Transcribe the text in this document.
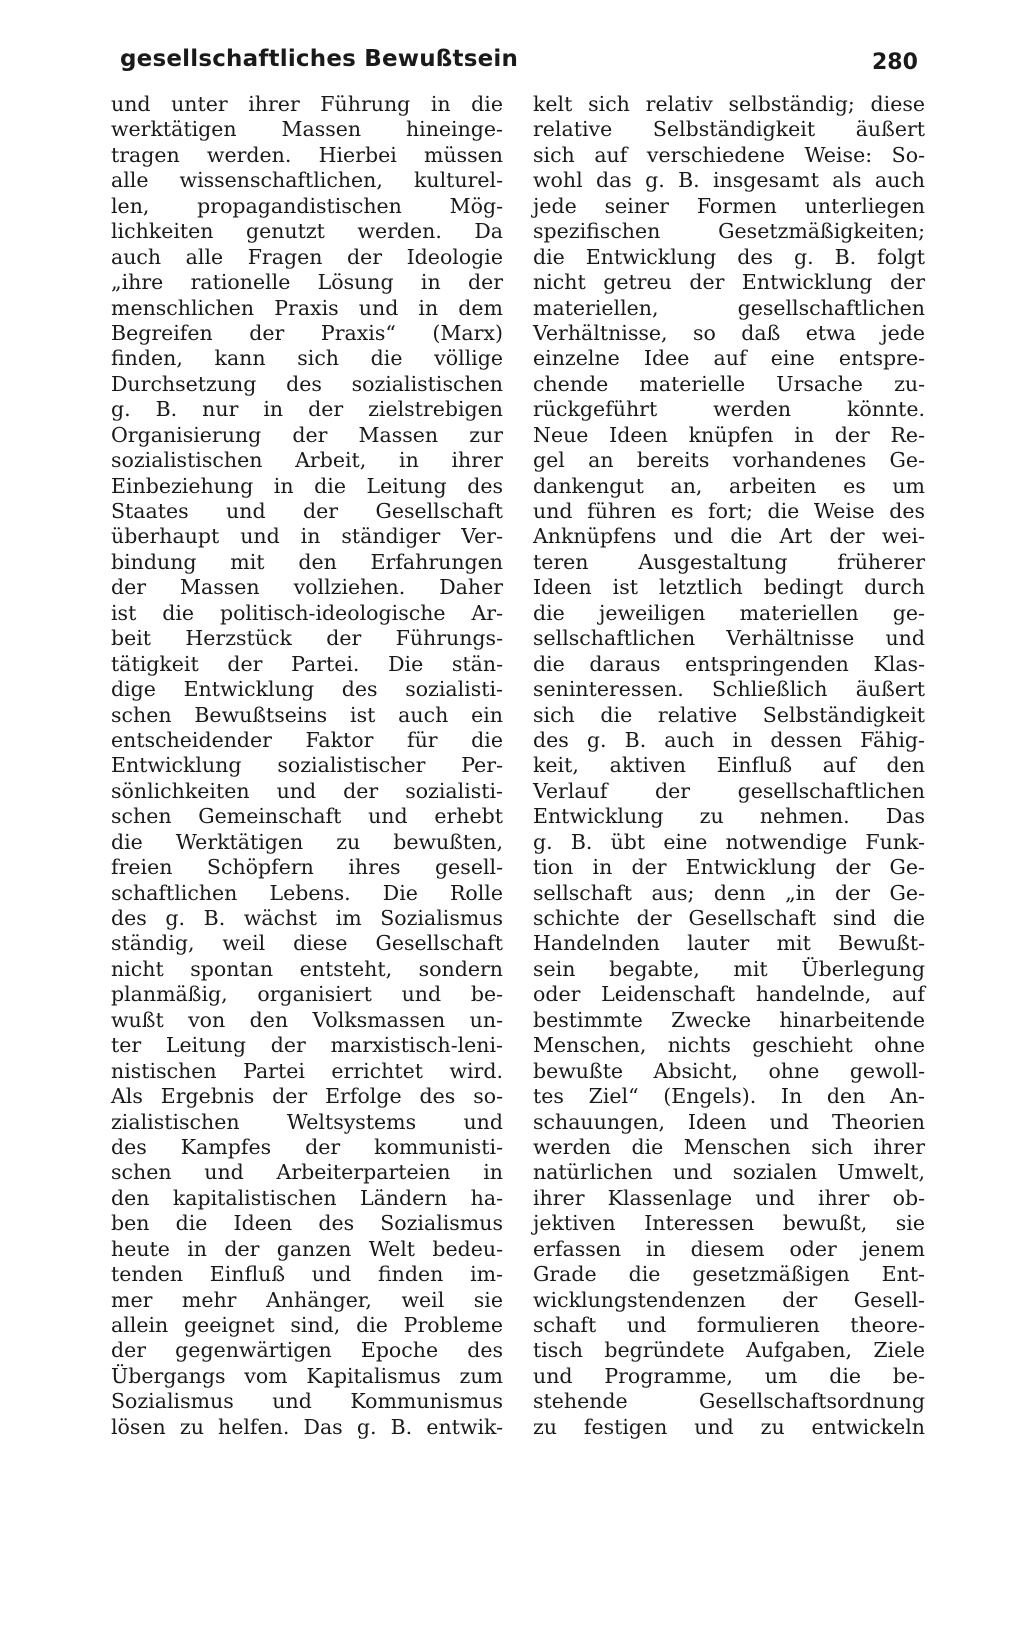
gesellschaftliches Bewußtsein	280
und unter ihrer Führung in die
werktätigen Massen hineinge-
tragen werden. Hierbei müssen
alle wissenschaftlichen, kulturel-
len, propagandistischen Mög-
lichkeiten genutzt werden. Da
auch alle Fragen der Ideologie
„ihre rationelle Lösung in der
menschlichen Praxis und in dem
Begreifen der Praxis“ (Marx)
finden, kann sich die völlige
Durchsetzung des sozialistischen
g. B. nur in der zielstrebigen
Organisierung der Massen zur
sozialistischen Arbeit, in ihrer
Einbeziehung in die Leitung des
Staates und der Gesellschaft
überhaupt und in ständiger Ver-
bindung mit den Erfahrungen
der Massen vollziehen. Daher
ist die politisch-ideologische Ar-
beit Herzstück der Führungs-
tätigkeit der Partei. Die stän-
dige Entwicklung des sozialisti-
schen Bewußtseins ist auch ein
entscheidender Faktor für die
Entwicklung sozialistischer Per-
sönlichkeiten und der sozialisti-
schen Gemeinschaft und erhebt
die Werktätigen zu bewußten,
freien Schöpfern ihres gesell-
schaftlichen Lebens. Die Rolle
des g. B. wächst im Sozialismus
ständig, weil diese Gesellschaft
nicht spontan entsteht, sondern
planmäßig, organisiert und be-
wußt von den Volksmassen un-
ter Leitung der marxistisch-leni-
nistischen Partei errichtet wird.
Als Ergebnis der Erfolge des so-
zialistischen Weltsystems und
des Kampfes der kommunisti-
schen und Arbeiterparteien in
den kapitalistischen Ländern ha-
ben die Ideen des Sozialismus
heute in der ganzen Welt bedeu-
tenden Einfluß und finden im-
mer mehr Anhänger, weil sie
allein geeignet sind, die Probleme
der gegenwärtigen Epoche des
Übergangs vom Kapitalismus zum
Sozialismus und Kommunismus
lösen zu helfen. Das g. B. entwik-
kelt sich relativ selbständig; diese
relative Selbständigkeit äußert
sich auf verschiedene Weise: So-
wohl das g. B. insgesamt als auch
jede seiner Formen unterliegen
spezifischen Gesetzmäßigkeiten;
die Entwicklung des g. B. folgt
nicht getreu der Entwicklung der
materiellen, gesellschaftlichen
Verhältnisse, so daß etwa jede
einzelne Idee auf eine entspre-
chende materielle Ursache zu-
rückgeführt werden könnte.
Neue Ideen knüpfen in der Re-
gel an bereits vorhandenes Ge-
dankengut an, arbeiten es um
und führen es fort; die Weise des
Anknüpfens und die Art der wei-
teren Ausgestaltung früherer
Ideen ist letztlich bedingt durch
die jeweiligen materiellen ge-
sellschaftlichen Verhältnisse und
die daraus entspringenden Klas-
seninteressen. Schließlich äußert
sich die relative Selbständigkeit
des g. B. auch in dessen Fähig-
keit, aktiven Einfluß auf den
Verlauf der gesellschaftlichen
Entwicklung zu nehmen. Das
g. B. übt eine notwendige Funk-
tion in der Entwicklung der Ge-
sellschaft aus; denn „in der Ge-
schichte der Gesellschaft sind die
Handelnden lauter mit Bewußt-
sein begabte, mit Überlegung
oder Leidenschaft handelnde, auf
bestimmte Zwecke hinarbeitende
Menschen, nichts geschieht ohne
bewußte Absicht, ohne gewoll-
tes Ziel“ (Engels). In den An-
schauungen, Ideen und Theorien
werden die Menschen sich ihrer
natürlichen und sozialen Umwelt,
ihrer Klassenlage und ihrer ob-
jektiven Interessen bewußt, sie
erfassen in diesem oder jenem
Grade die gesetzmäßigen Ent-
wicklungstendenzen der Gesell-
schaft und formulieren theore-
tisch begründete Aufgaben, Ziele
und Programme, um die be-
stehende Gesellschaftsordnung
zu festigen und zu entwickeln
